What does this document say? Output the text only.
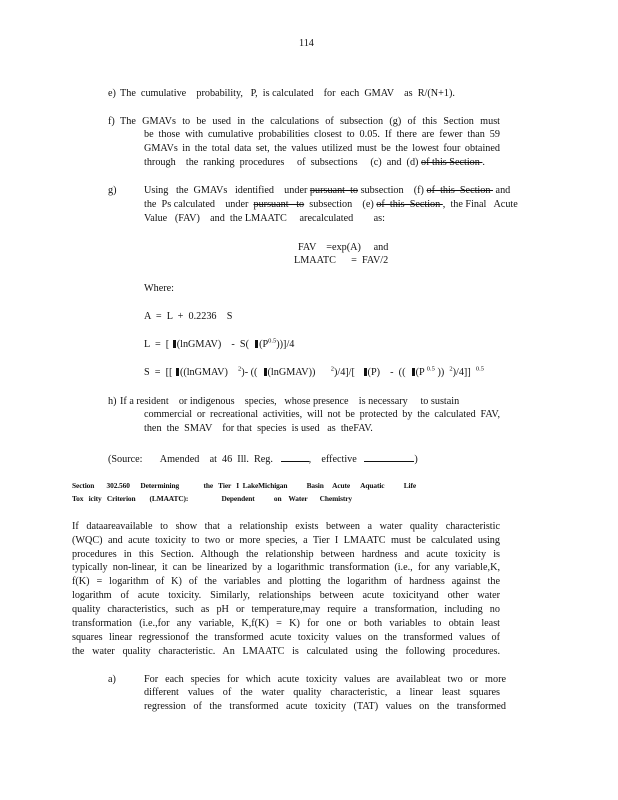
114
e) The  cumulative    probability,   P,  is calculated    for  each  GMAV    as  R/(N+1).
f) The GMAVs to be used in the calculations of subsection (g) of this Section must
be those with cumulative probabilities closest to 0.05. If there are fewer than 59
GMAVs in the total data set, the values utilized must be the lowest four obtained
through    the  ranking  procedures     of  subsections     (c)  and  (d) of this Section .
g)	Using   the  GMAVs   identified    under pursuant  to subsection    (f) of  this  Section  and
the  Ps calculated    under  pursuant   to  subsection    (e) of  this  Section ,  the Final   Acute
Value   (FAV)    and  the LMAATC     arecalculated        as:
FAV    =exp(A)     and
LMAATC      =  FAV/2
Where:
A  =  L  +  0.2236    S
L  =  [ (lnGMAV)    -  S(  $(P^{0.5}))]/4$
S  =  [[ ((lnGMAV)    $^2$)- ((  (lnGMAV))      $^2$)/4]/[   (P)    -  ((  (P $^{0.5}$ ))  $^2$)/4]]  $^{0.5}$
h) If a resident    or indigenous    species,   whose presence    is necessary     to sustain
commercial or recreational activities, will not be protected by the calculated FAV,
then  the  SMAV    for that  species  is used   as  theFAV.
(Source:       Amended    at  46  Ill.  Reg.	,    effective	)
Section       302.560      Determining              the   Tier   I  LakeMichigan           Basin     Acute      Aquatic           Life
Tox   icity   Criterion        (LMAATC):                   Dependent           on    Water       Chemistry
If dataareavailable to show that a relationship exists between a water quality characteristic
(WQC) and acute toxicity to two or more species, a Tier I LMAATC must be calculated using
procedures in this Section. Although the relationship between hardness and acute toxicity is
typically non-linear, it can be linearized by a logarithmic transformation (i.e., for any variable,K,
f(K) = logarithm of K) of the variables and plotting the logarithm of hardness against the
logarithm of acute toxicity. Similarly, relationships between acute toxicityand other water
quality characteristics, such as pH or temperature,may require a transformation, including no
transformation (i.e.,for any variable, K,f(K) = K) for one or both variables to obtain least
squares linear regressionof the transformed acute toxicity values on the transformed values of
the water quality characteristic. An LMAATC is calculated using the following procedures.
a)	For each species for which acute toxicity values are availableat two or more
different values of the water quality characteristic, a linear least squares
regression of the transformed acute toxicity (TAT) values on the transformed
